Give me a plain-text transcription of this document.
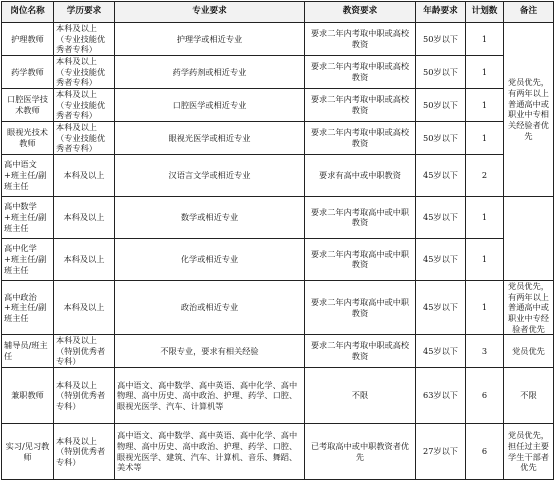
岗位名称	学历要求	专业要求	教资要求	年龄要求	计划数	备注
护理教师	本科及以上（专业技能优秀者专科）	护理学或相近专业	要求二年内考取中职或高校教资	50岁以下	1	党员优先，有两年以上普通高中或职业中专相关经验者优先
药学教师	本科及以上（专业技能优秀者专科）	药学药剂或相近专业	要求二年内考取中职或高校教资	50岁以下	1	
口腔医学技术教师	本科及以上（专业技能优秀者专科）	口腔医学或相近专业	要求二年内考取中职或高校教资	50岁以下	1	
眼视光技术教师	本科及以上（专业技能优秀者专科）	眼视光医学或相近专业	要求二年内考取中职或高校教资	50岁以下	1	
高中语文+班主任/副班主任	本科及以上	汉语言文学或相近专业	要求有高中或中职教资	45岁以下	2	
高中数学+班主任/副班主任	本科及以上	数学或相近专业	要求二年内考取高中或中职教资	45岁以下	1	
高中化学+班主任/副班主任	本科及以上	化学或相近专业	要求二年内考取高中或中职教资	45岁以下	1	
高中政治+班主任/副班主任	本科及以上	政治或相近专业	要求二年内考取高中或中职教资	45岁以下	1	党员优先，有两年以上普通高中或职业中专经验者优先
辅导员/班主任	本科及以上（特别优秀者专科）	不限专业，要求有相关经验	要求二年内考取中职或高校教资	45岁以下	3	党员优先
兼职教师	本科及以上（特别优秀者专科）	高中语文、高中数学、高中英语、高中化学、高中物理、高中历史、高中政治、护理、药学、口腔、眼视光医学、汽车、计算机等	不限	63岁以下	6	不限
实习/见习教师	本科及以上（特别优秀者专科）	高中语文、高中数学、高中英语、高中化学、高中物理、高中历史、高中政治、护理、药学、口腔、眼视光医学、建筑、汽车、计算机、音乐、舞蹈、美术等	已考取高中或中职教资者优先	27岁以下	6	党员优先，担任过主要学生干部者优先
